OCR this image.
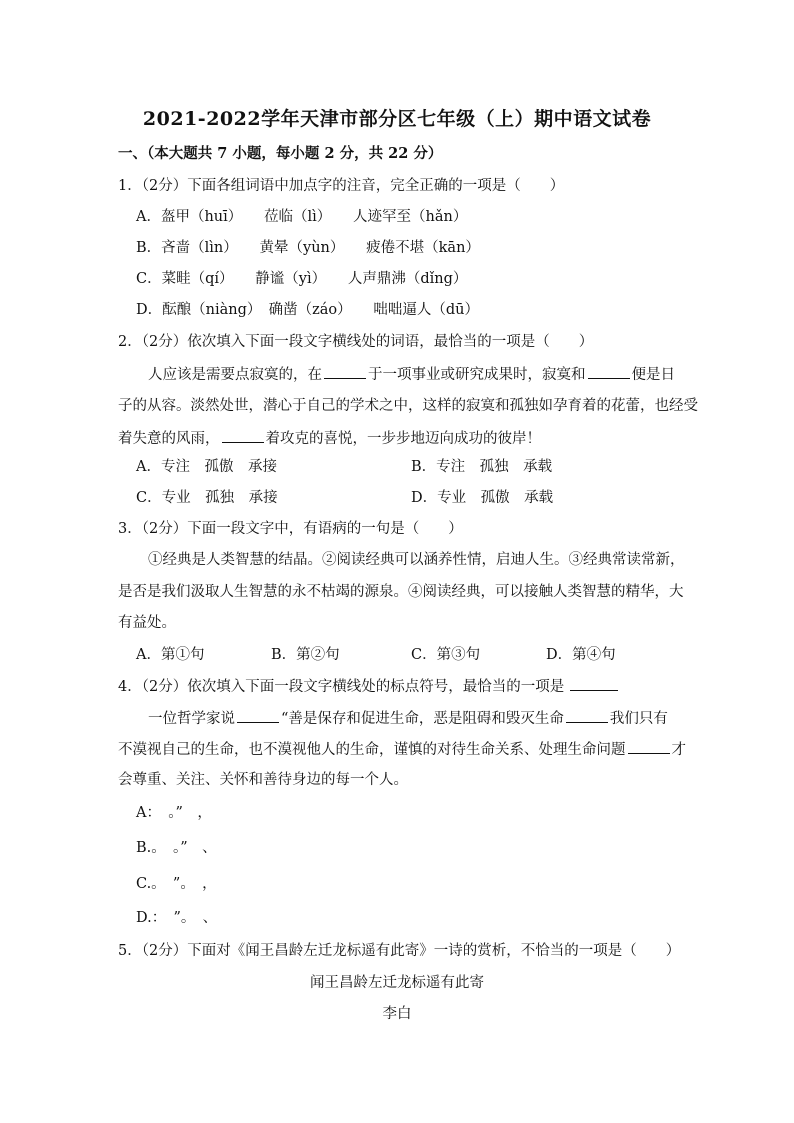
2021-2022学年天津市部分区七年级（上）期中语文试卷
一、（本大题共 7 小题，每小题 2 分，共 22 分）
1．（2分）下面各组词语中加点字的注音，完全正确的一项是（　　）
A．盔甲（huī）　　莅临（lì）　　人迹罕至（hǎn）
B．吝啬（lìn）　　黄晕（yùn）　　疲倦不堪（kān）
C．菜畦（qí）　　静谧（yì）　　人声鼎沸（dǐng）
D．酝酿（niàng）　确凿（záo）　　咄咄逼人（dū）
2．（2分）依次填入下面一段文字横线处的词语，最恰当的一项是（　　）
人应该是需要点寂寞的，在	于一项事业或研究成果时，寂寞和	便是日
子的从容。淡然处世，潜心于自己的学术之中，这样的寂寞和孤独如孕育着的花蕾，也经受
着失意的风雨，	着攻克的喜悦，一步步地迈向成功的彼岸！
A．专注　孤傲　承接	B．专注　孤独　承载
C．专业　孤独　承接	D．专业　孤傲　承载
3．（2分）下面一段文字中，有语病的一句是（　　）
①经典是人类智慧的结晶。②阅读经典可以涵养性情，启迪人生。③经典常读常新，
是否是我们汲取人生智慧的永不枯竭的源泉。④阅读经典，可以接触人类智慧的精华，大
有益处。
A．第①句	B．第②句	C．第③句	D．第④句
4．（2分）依次填入下面一段文字横线处的标点符号，最恰当的一项是
一位哲学家说	“善是保存和促进生命，恶是阻碍和毁灭生命	我们只有
不漠视自己的生命，也不漠视他人的生命，谨慎的对待生命关系、处理生命问题	才
会尊重、关注、关怀和善待身边的每一个人。
A：　。”　，
B.。　。”　、
C.。　”。　，
D.：　”。　、
5．（2分）下面对《闻王昌龄左迁龙标遥有此寄》一诗的赏析，不恰当的一项是（　　）
闻王昌龄左迁龙标遥有此寄
李白
